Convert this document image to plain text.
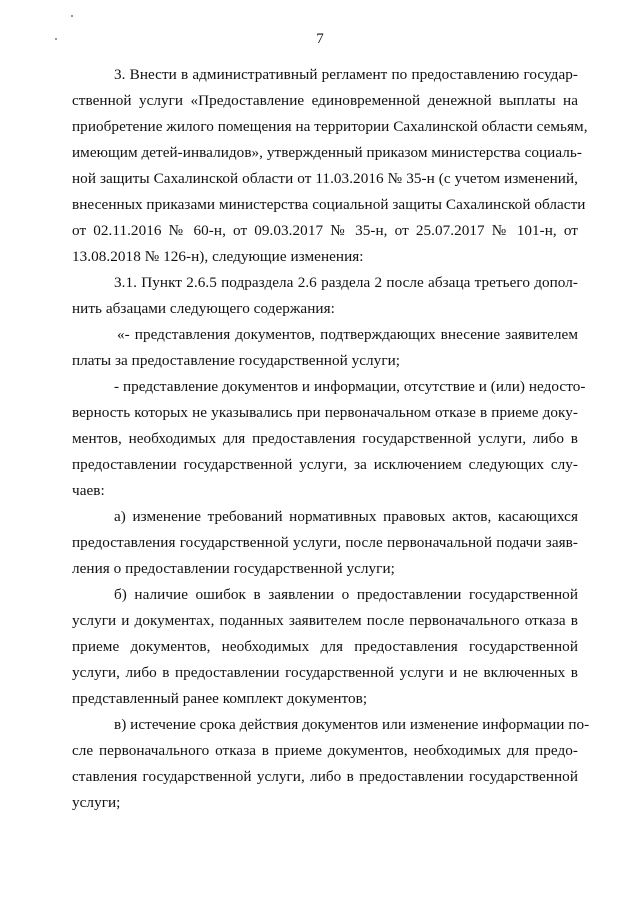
7
3. Внести в административный регламент по предоставлению государ-
ственной услуги «Предоставление единовременной денежной выплаты на
приобретение жилого помещения на территории Сахалинской области семьям,
имеющим детей-инвалидов», утвержденный приказом министерства социаль-
ной защиты Сахалинской области от 11.03.2016 № 35-н (с учетом изменений,
внесенных приказами министерства социальной защиты Сахалинской области
от 02.11.2016 № 60-н, от 09.03.2017 № 35-н, от 25.07.2017 № 101-н, от
13.08.2018 № 126-н), следующие изменения:
3.1. Пункт 2.6.5 подраздела 2.6 раздела 2 после абзаца третьего допол-
нить абзацами следующего содержания:
«- представления документов, подтверждающих внесение заявителем
платы за предоставление государственной услуги;
- представление документов и информации, отсутствие и (или) недосто-
верность которых не указывались при первоначальном отказе в приеме доку-
ментов, необходимых для предоставления государственной услуги, либо в
предоставлении государственной услуги, за исключением следующих слу-
чаев:
а) изменение требований нормативных правовых актов, касающихся
предоставления государственной услуги, после первоначальной подачи заяв-
ления о предоставлении государственной услуги;
б) наличие ошибок в заявлении о предоставлении государственной
услуги и документах, поданных заявителем после первоначального отказа в
приеме документов, необходимых для предоставления государственной
услуги, либо в предоставлении государственной услуги и не включенных в
представленный ранее комплект документов;
в) истечение срока действия документов или изменение информации по-
сле первоначального отказа в приеме документов, необходимых для предо-
ставления государственной услуги, либо в предоставлении государственной
услуги;
